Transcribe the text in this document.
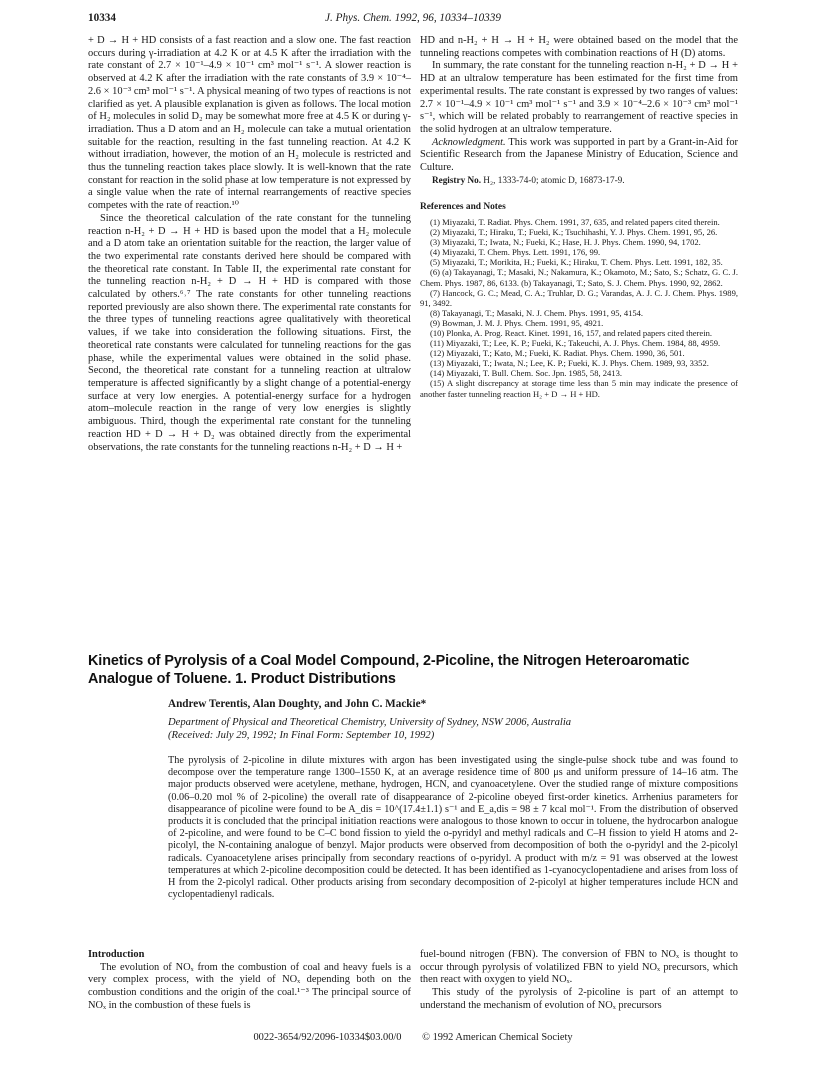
10334	J. Phys. Chem. 1992, 96, 10334–10339

+ D → H + HD consists of a fast reaction and a slow one. The fast reaction occurs during γ-irradiation at 4.2 K or at 4.5 K after the irradiation with the rate constant of 2.7 × 10⁻¹–4.9 × 10⁻¹ cm³ mol⁻¹ s⁻¹. A slower reaction is observed at 4.2 K after the irradiation with the rate constants of 3.9 × 10⁻⁴–2.6 × 10⁻³ cm³ mol⁻¹ s⁻¹. A physical meaning of two types of reactions is not clarified as yet. A plausible explanation is given as follows. The local motion of H₂ molecules in solid D₂ may be somewhat more free at 4.5 K or during γ-irradiation. Thus a D atom and an H₂ molecule can take a mutual orientation suitable for the reaction, resulting in the fast tunneling reaction. At 4.2 K without irradiation, however, the motion of an H₂ molecule is restricted and thus the tunneling reaction takes place slowly. It is well-known that the rate constant for reaction in the solid phase at low temperature is not expressed by a single value when the rate of internal rearrangements of reactive species competes with the rate of reaction.¹⁰

Since the theoretical calculation of the rate constant for the tunneling reaction n-H₂ + D → H + HD is based upon the model that a H₂ molecule and a D atom take an orientation suitable for the reaction, the larger value of the two experimental rate constants derived here should be compared with the theoretical rate constant. In Table II, the experimental rate constant for the tunneling reaction n-H₂ + D → H + HD is compared with those calculated by others.⁶˒⁷ The rate constants for other tunneling reactions reported previously are also shown there. The experimental rate constants for the three types of tunneling reactions agree qualitatively with theoretical values, if we take into consideration the following situations. First, the theoretical rate constants were calculated for tunneling reactions for the gas phase, while the experimental values were obtained in the solid phase. Second, the theoretical rate constant for a tunneling reaction at ultralow temperature is affected significantly by a slight change of a potential-energy surface at very low energies. A potential-energy surface for a hydrogen atom–molecule reaction in the range of very low energies is slightly ambiguous. Third, though the experimental rate constant for the tunneling reaction HD + D → H + D₂ was obtained directly from the experimental observations, the rate constants for the tunneling reactions n-H₂ + D → H +

HD and n-H₂ + H → H + H₂ were obtained based on the model that the tunneling reactions competes with combination reactions of H (D) atoms.

In summary, the rate constant for the tunneling reaction n-H₂ + D → H + HD at an ultralow temperature has been estimated for the first time from experimental results. The rate constant is expressed by two ranges of values: 2.7 × 10⁻¹–4.9 × 10⁻¹ cm³ mol⁻¹ s⁻¹ and 3.9 × 10⁻⁴–2.6 × 10⁻³ cm³ mol⁻¹ s⁻¹, which will be related probably to rearrangement of reactive species in the solid hydrogen at an ultralow temperature.

Acknowledgment. This work was supported in part by a Grant-in-Aid for Scientific Research from the Japanese Ministry of Education, Science and Culture.

Registry No. H₂, 1333-74-0; atomic D, 16873-17-9.

References and Notes
(1) Miyazaki, T. Radiat. Phys. Chem. 1991, 37, 635, and related papers cited therein.
(2) Miyazaki, T.; Hiraku, T.; Fueki, K.; Tsuchihashi, Y. J. Phys. Chem. 1991, 95, 26.
(3) Miyazaki, T.; Iwata, N.; Fueki, K.; Hase, H. J. Phys. Chem. 1990, 94, 1702.
(4) Miyazaki, T. Chem. Phys. Lett. 1991, 176, 99.
(5) Miyazaki, T.; Morikita, H.; Fueki, K.; Hiraku, T. Chem. Phys. Lett. 1991, 182, 35.
(6) (a) Takayanagi, T.; Masaki, N.; Nakamura, K.; Okamoto, M.; Sato, S.; Schatz, G. C. J. Chem. Phys. 1987, 86, 6133. (b) Takayanagi, T.; Sato, S. J. Chem. Phys. 1990, 92, 2862.
(7) Hancock, G. C.; Mead, C. A.; Truhlar, D. G.; Varandas, A. J. C. J. Chem. Phys. 1989, 91, 3492.
(8) Takayanagi, T.; Masaki, N. J. Chem. Phys. 1991, 95, 4154.
(9) Bowman, J. M. J. Phys. Chem. 1991, 95, 4921.
(10) Plonka, A. Prog. React. Kinet. 1991, 16, 157, and related papers cited therein.
(11) Miyazaki, T.; Lee, K. P.; Fueki, K.; Takeuchi, A. J. Phys. Chem. 1984, 88, 4959.
(12) Miyazaki, T.; Kato, M.; Fueki, K. Radiat. Phys. Chem. 1990, 36, 501.
(13) Miyazaki, T.; Iwata, N.; Lee, K. P.; Fueki, K. J. Phys. Chem. 1989, 93, 3352.
(14) Miyazaki, T. Bull. Chem. Soc. Jpn. 1985, 58, 2413.
(15) A slight discrepancy at storage time less than 5 min may indicate the presence of another faster tunneling reaction H₂ + D → H + HD.
Kinetics of Pyrolysis of a Coal Model Compound, 2-Picoline, the Nitrogen Heteroaromatic Analogue of Toluene. 1. Product Distributions
Andrew Terentis, Alan Doughty, and John C. Mackie*
Department of Physical and Theoretical Chemistry, University of Sydney, NSW 2006, Australia
(Received: July 29, 1992; In Final Form: September 10, 1992)
The pyrolysis of 2-picoline in dilute mixtures with argon has been investigated using the single-pulse shock tube and was found to decompose over the temperature range 1300–1550 K, at an average residence time of 800 μs and uniform pressure of 14–16 atm. The major products observed were acetylene, methane, hydrogen, HCN, and cyanoacetylene. Over the studied range of mixture compositions (0.06–0.20 mol % of 2-picoline) the overall rate of disappearance of 2-picoline obeyed first-order kinetics. Arrhenius parameters for disappearance of picoline were found to be A_dis = 10^(17.4±1.1) s⁻¹ and E_a,dis = 98 ± 7 kcal mol⁻¹. From the distribution of observed products it is concluded that the principal initiation reactions were analogous to those known to occur in toluene, the hydrocarbon analogue of 2-picoline, and were found to be C–C bond fission to yield the o-pyridyl and methyl radicals and C–H fission to yield H atoms and 2-picolyl, the N-containing analogue of benzyl. Major products were observed from decomposition of both the o-pyridyl and the 2-picolyl radicals. Cyanoacetylene arises principally from secondary reactions of o-pyridyl. A product with m/z = 91 was observed at the lowest temperatures at which 2-picoline decomposition could be detected. It has been identified as 1-cyanocyclopentadiene and arises from loss of H from the 2-picolyl radical. Other products arising from secondary decomposition of 2-picolyl at higher temperatures include HCN and cyclopentadienyl radicals.
Introduction

The evolution of NOₓ from the combustion of coal and heavy fuels is a very complex process, with the yield of NOₓ depending both on the combustion conditions and the origin of the coal.¹⁻³ The principal source of NOₓ in the combustion of these fuels is

fuel-bound nitrogen (FBN). The conversion of FBN to NOₓ is thought to occur through pyrolysis of volatilized FBN to yield NOₓ precursors, which then react with oxygen to yield NOₓ.

This study of the pyrolysis of 2-picoline is part of an attempt to understand the mechanism of evolution of NOₓ precursors

0022-3654/92/2096-10334$03.00/0 © 1992 American Chemical Society
